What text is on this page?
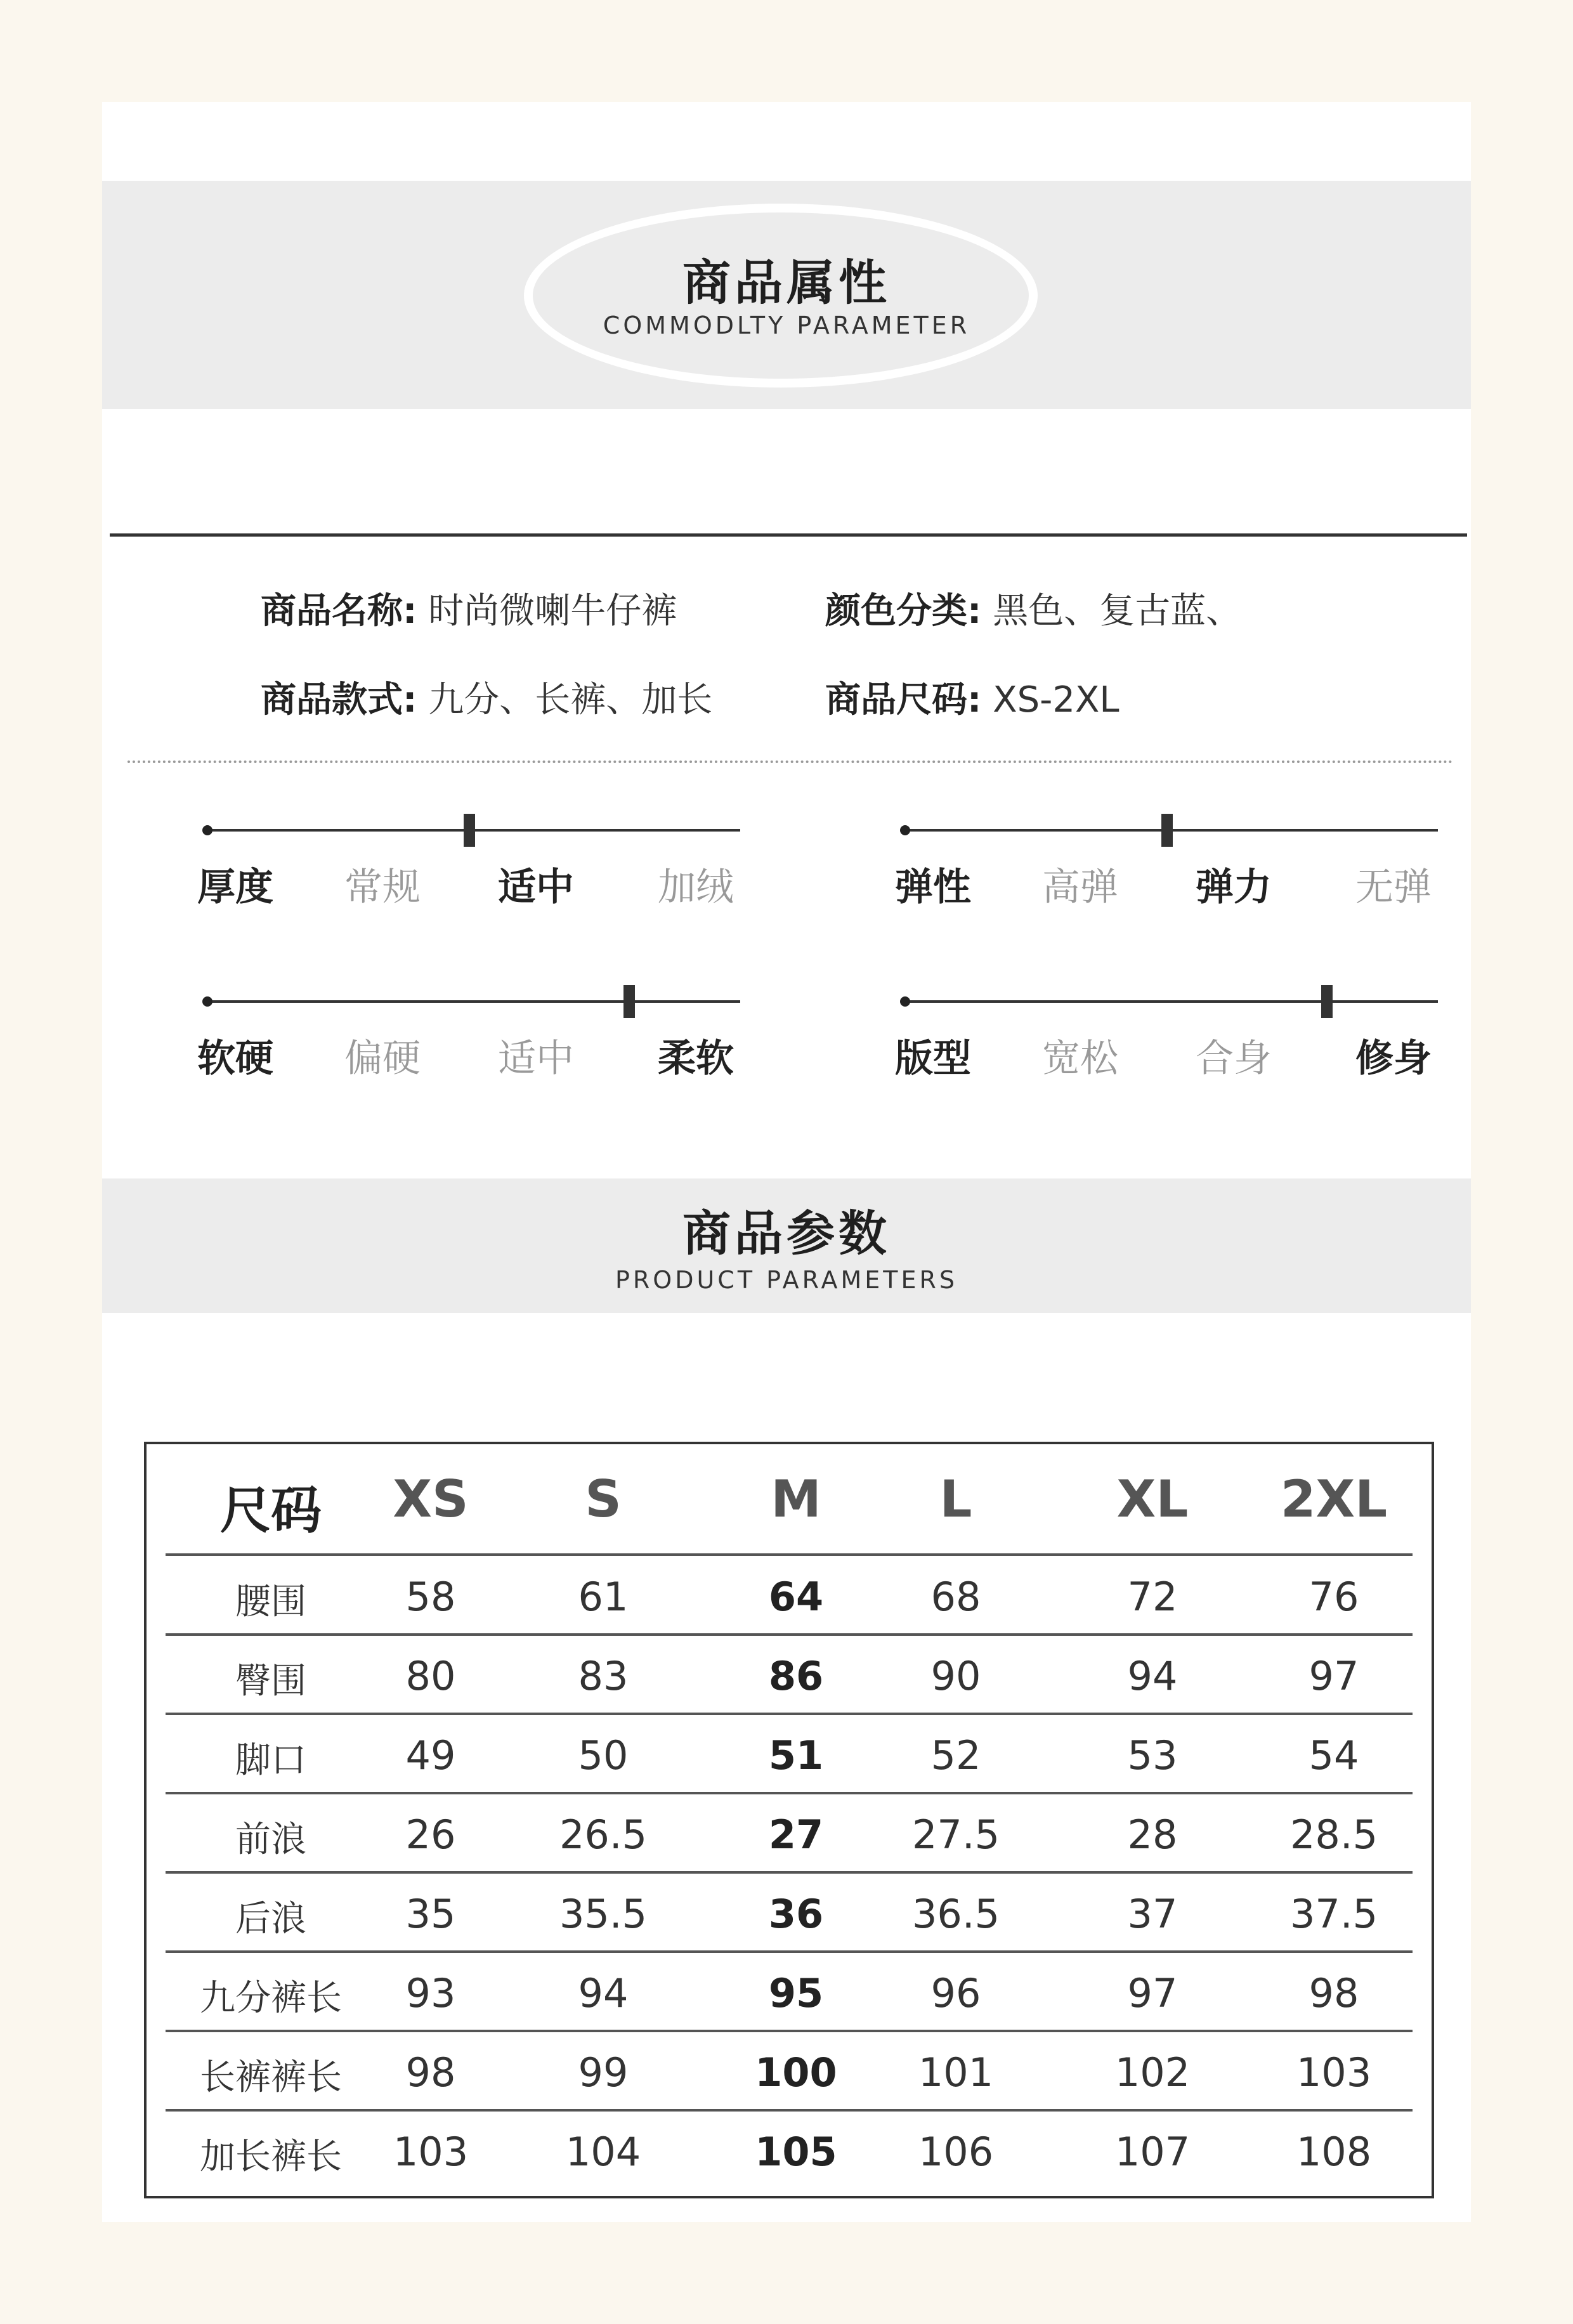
商品属性
COMMODLTY PARAMETER
商品名称: 时尚微喇牛仔裤	颜色分类: 黑色、复古蓝、
商品款式: 九分、长裤、加长	商品尺码: XS-2XL
厚度	常规	适中	加绒	弹性	高弹	弹力	无弹
软硬	偏硬	适中	柔软	版型	宽松	合身	修身
商品参数
PRODUCT PARAMETERS
尺码	XS	S	M	L	XL	2XL
腰围	58	61	64	68	72	76
臀围	80	83	86	90	94	97
脚口	49	50	51	52	53	54
前浪	26	26.5	27	27.5	28	28.5
后浪	35	35.5	36	36.5	37	37.5
九分裤长	93	94	95	96	97	98
长裤裤长	98	99	100	101	102	103
加长裤长	103	104	105	106	107	108
